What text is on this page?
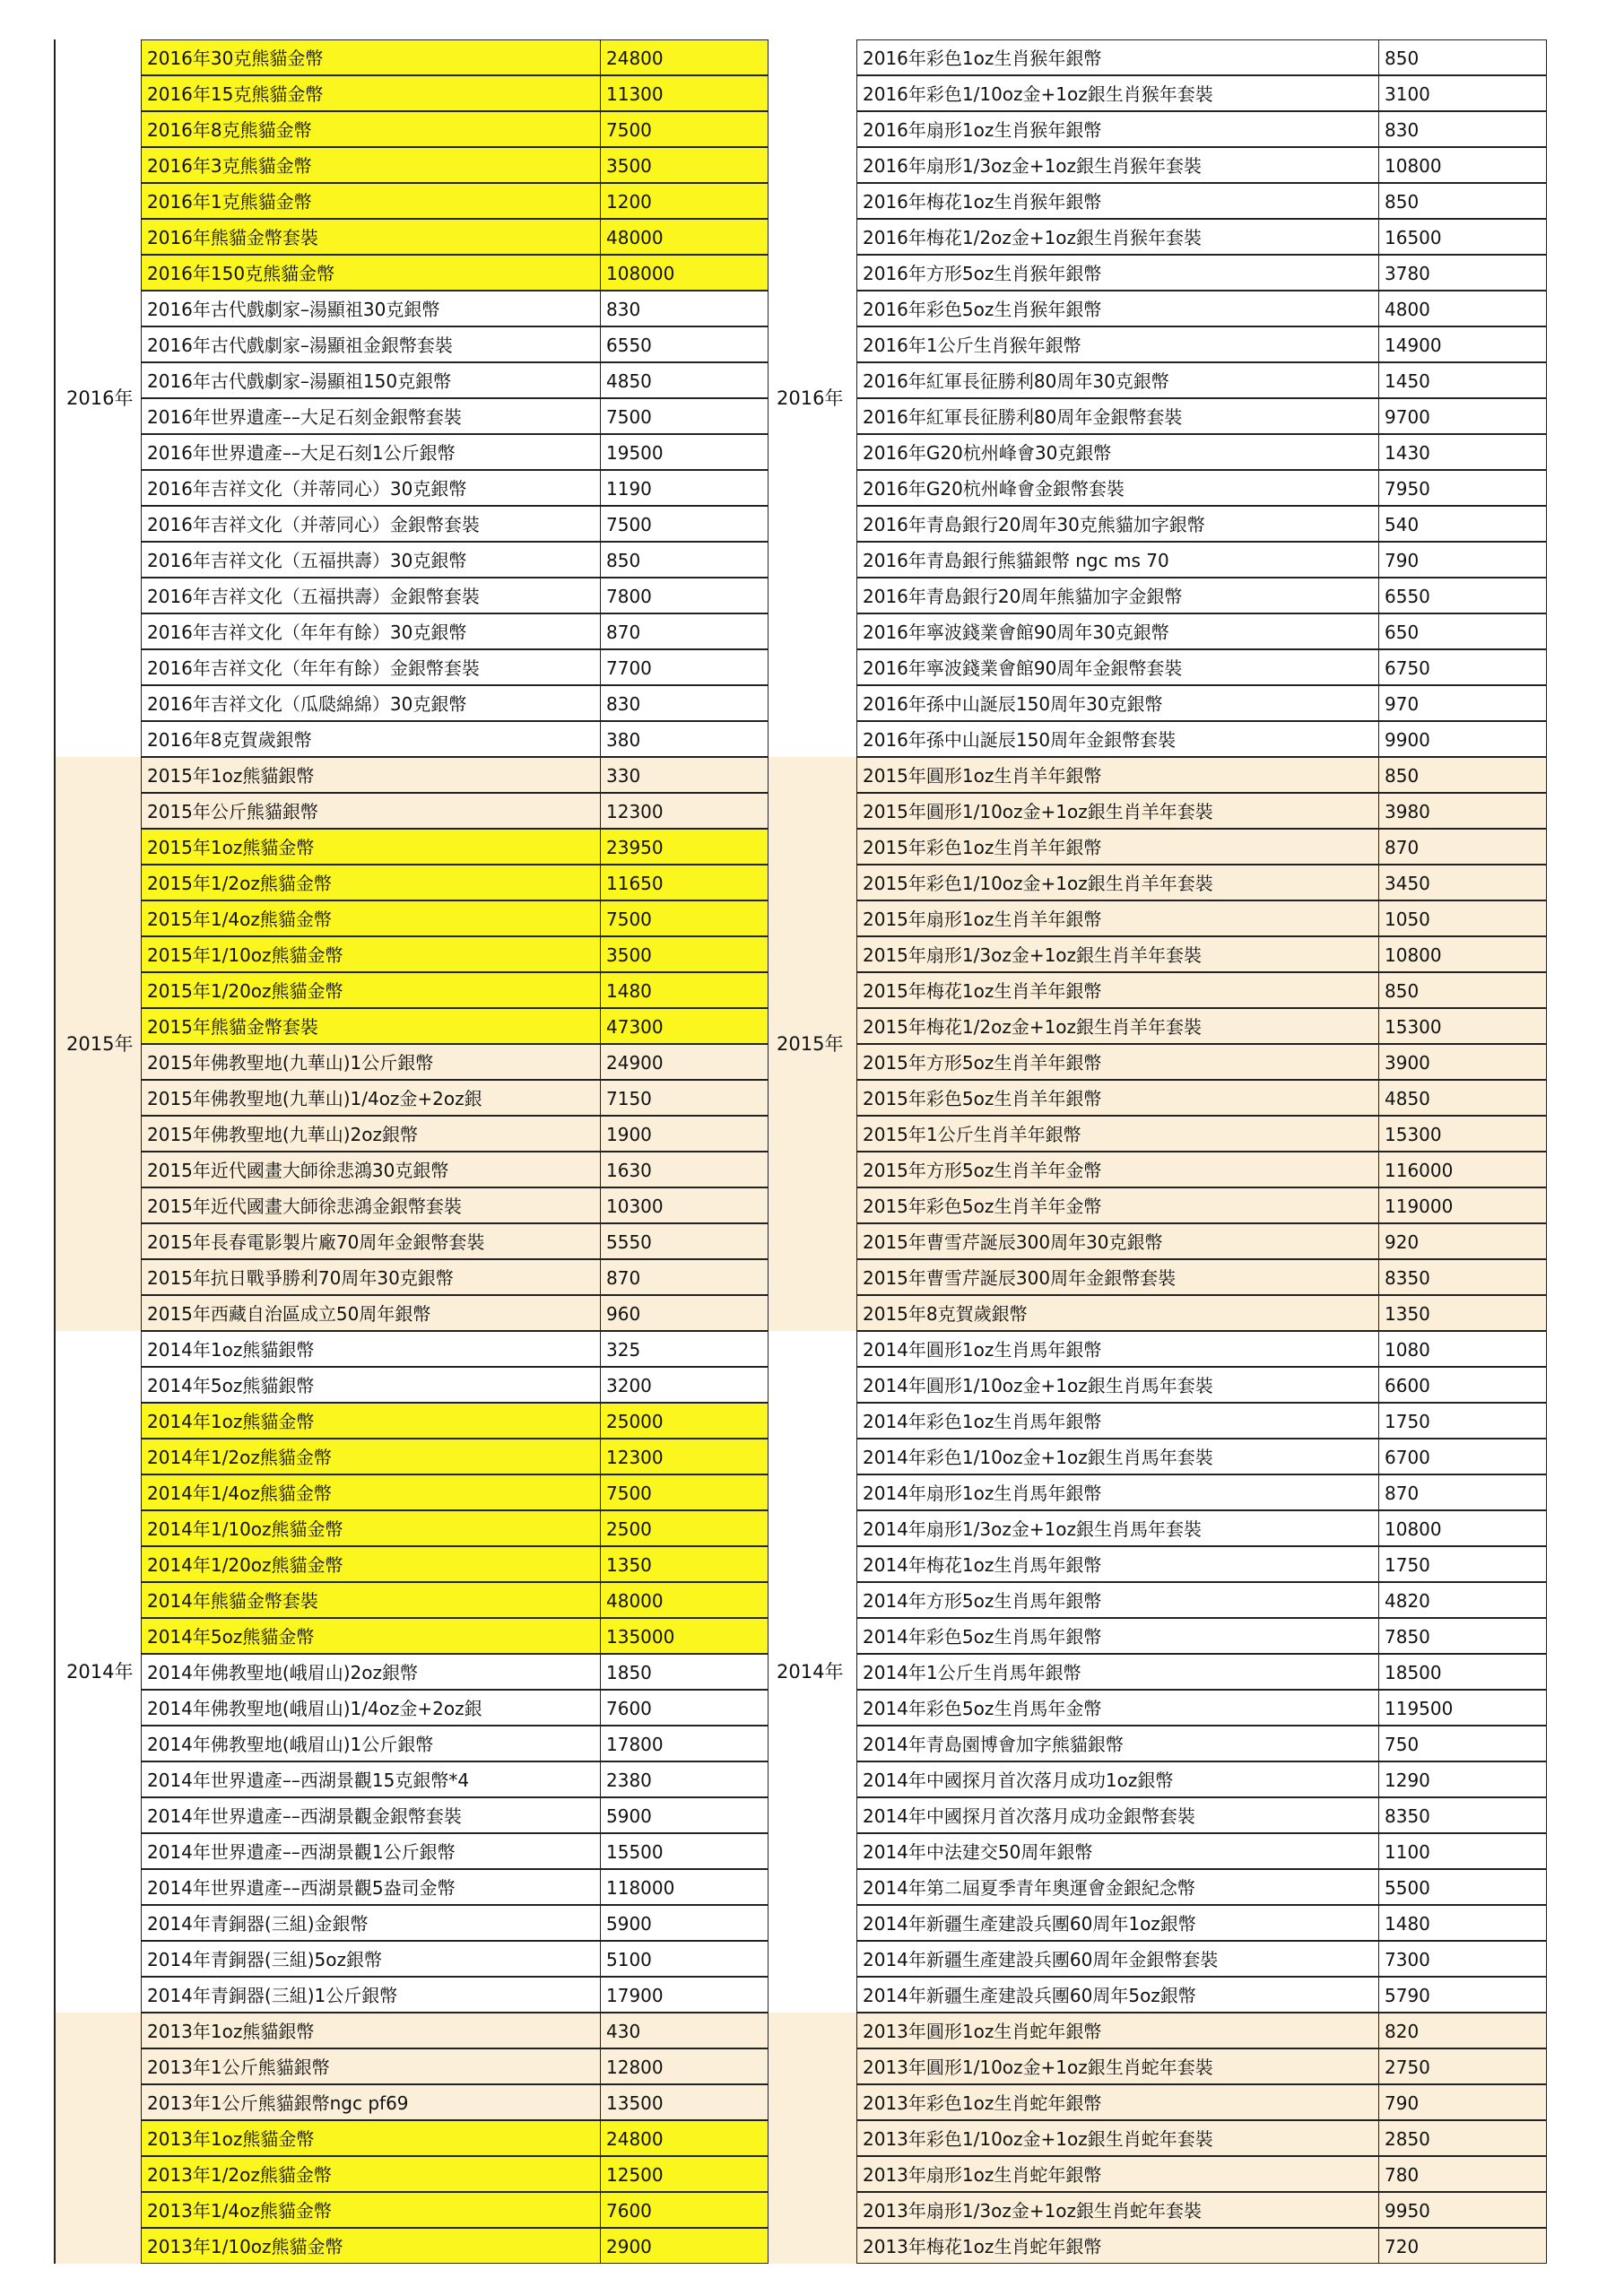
2016年	2016年
2016年30克熊貓金幣	24800
2016年15克熊貓金幣	11300
2016年8克熊貓金幣	7500
2016年3克熊貓金幣	3500
2016年1克熊貓金幣	1200
2016年熊貓金幣套裝	48000
2016年150克熊貓金幣	108000
2016年古代戲劇家–湯顯祖30克銀幣	830
2016年古代戲劇家–湯顯祖金銀幣套裝	6550
2016年古代戲劇家–湯顯祖150克銀幣	4850
2016年世界遺產––大足石刻金銀幣套裝	7500
2016年世界遺產––大足石刻1公斤銀幣	19500
2016年吉祥文化（并蒂同心）30克銀幣	1190
2016年吉祥文化（并蒂同心）金銀幣套裝	7500
2016年吉祥文化（五福拱壽）30克銀幣	850
2016年吉祥文化（五福拱壽）金銀幣套裝	7800
2016年吉祥文化（年年有餘）30克銀幣	870
2016年吉祥文化（年年有餘）金銀幣套裝	7700
2016年吉祥文化（瓜瓞綿綿）30克銀幣	830
2016年8克賀歲銀幣	380
2016年彩色1oz生肖猴年銀幣	850
2016年彩色1/10oz金+1oz銀生肖猴年套裝	3100
2016年扇形1oz生肖猴年銀幣	830
2016年扇形1/3oz金+1oz銀生肖猴年套裝	10800
2016年梅花1oz生肖猴年銀幣	850
2016年梅花1/2oz金+1oz銀生肖猴年套裝	16500
2016年方形5oz生肖猴年銀幣	3780
2016年彩色5oz生肖猴年銀幣	4800
2016年1公斤生肖猴年銀幣	14900
2016年紅軍長征勝利80周年30克銀幣	1450
2016年紅軍長征勝利80周年金銀幣套裝	9700
2016年G20杭州峰會30克銀幣	1430
2016年G20杭州峰會金銀幣套裝	7950
2016年青島銀行20周年30克熊貓加字銀幣	540
2016年青島銀行熊貓銀幣 ngc ms 70	790
2016年青島銀行20周年熊貓加字金銀幣	6550
2016年寧波錢業會館90周年30克銀幣	650
2016年寧波錢業會館90周年金銀幣套裝	6750
2016年孫中山誕辰150周年30克銀幣	970
2016年孫中山誕辰150周年金銀幣套裝	9900
2015年	2015年
2015年1oz熊貓銀幣	330
2015年公斤熊貓銀幣	12300
2015年1oz熊貓金幣	23950
2015年1/2oz熊貓金幣	11650
2015年1/4oz熊貓金幣	7500
2015年1/10oz熊貓金幣	3500
2015年1/20oz熊貓金幣	1480
2015年熊貓金幣套裝	47300
2015年佛教聖地(九華山)1公斤銀幣	24900
2015年佛教聖地(九華山)1/4oz金+2oz銀	7150
2015年佛教聖地(九華山)2oz銀幣	1900
2015年近代國畫大師徐悲鴻30克銀幣	1630
2015年近代國畫大師徐悲鴻金銀幣套裝	10300
2015年長春電影製片廠70周年金銀幣套裝	5550
2015年抗日戰爭勝利70周年30克銀幣	870
2015年西藏自治區成立50周年銀幣	960
2015年圓形1oz生肖羊年銀幣	850
2015年圓形1/10oz金+1oz銀生肖羊年套裝	3980
2015年彩色1oz生肖羊年銀幣	870
2015年彩色1/10oz金+1oz銀生肖羊年套裝	3450
2015年扇形1oz生肖羊年銀幣	1050
2015年扇形1/3oz金+1oz銀生肖羊年套裝	10800
2015年梅花1oz生肖羊年銀幣	850
2015年梅花1/2oz金+1oz銀生肖羊年套裝	15300
2015年方形5oz生肖羊年銀幣	3900
2015年彩色5oz生肖羊年銀幣	4850
2015年1公斤生肖羊年銀幣	15300
2015年方形5oz生肖羊年金幣	116000
2015年彩色5oz生肖羊年金幣	119000
2015年曹雪芹誕辰300周年30克銀幣	920
2015年曹雪芹誕辰300周年金銀幣套裝	8350
2015年8克賀歲銀幣	1350
2014年	2014年
2014年1oz熊貓銀幣	325
2014年5oz熊貓銀幣	3200
2014年1oz熊貓金幣	25000
2014年1/2oz熊貓金幣	12300
2014年1/4oz熊貓金幣	7500
2014年1/10oz熊貓金幣	2500
2014年1/20oz熊貓金幣	1350
2014年熊貓金幣套裝	48000
2014年5oz熊貓金幣	135000
2014年佛教聖地(峨眉山)2oz銀幣	1850
2014年佛教聖地(峨眉山)1/4oz金+2oz銀	7600
2014年佛教聖地(峨眉山)1公斤銀幣	17800
2014年世界遺產––西湖景觀15克銀幣*4	2380
2014年世界遺產––西湖景觀金銀幣套裝	5900
2014年世界遺產––西湖景觀1公斤銀幣	15500
2014年世界遺產––西湖景觀5盎司金幣	118000
2014年青銅器(三組)金銀幣	5900
2014年青銅器(三組)5oz銀幣	5100
2014年青銅器(三組)1公斤銀幣	17900
2014年圓形1oz生肖馬年銀幣	1080
2014年圓形1/10oz金+1oz銀生肖馬年套裝	6600
2014年彩色1oz生肖馬年銀幣	1750
2014年彩色1/10oz金+1oz銀生肖馬年套裝	6700
2014年扇形1oz生肖馬年銀幣	870
2014年扇形1/3oz金+1oz銀生肖馬年套裝	10800
2014年梅花1oz生肖馬年銀幣	1750
2014年方形5oz生肖馬年銀幣	4820
2014年彩色5oz生肖馬年銀幣	7850
2014年1公斤生肖馬年銀幣	18500
2014年彩色5oz生肖馬年金幣	119500
2014年青島園博會加字熊貓銀幣	750
2014年中國探月首次落月成功1oz銀幣	1290
2014年中國探月首次落月成功金銀幣套裝	8350
2014年中法建交50周年銀幣	1100
2014年第二屆夏季青年奧運會金銀紀念幣	5500
2014年新疆生產建設兵團60周年1oz銀幣	1480
2014年新疆生產建設兵團60周年金銀幣套裝	7300
2014年新疆生產建設兵團60周年5oz銀幣	5790
2013年1oz熊貓銀幣	430
2013年1公斤熊貓銀幣	12800
2013年1公斤熊貓銀幣ngc pf69	13500
2013年1oz熊貓金幣	24800
2013年1/2oz熊貓金幣	12500
2013年1/4oz熊貓金幣	7600
2013年1/10oz熊貓金幣	2900
2013年圓形1oz生肖蛇年銀幣	820
2013年圓形1/10oz金+1oz銀生肖蛇年套裝	2750
2013年彩色1oz生肖蛇年銀幣	790
2013年彩色1/10oz金+1oz銀生肖蛇年套裝	2850
2013年扇形1oz生肖蛇年銀幣	780
2013年扇形1/3oz金+1oz銀生肖蛇年套裝	9950
2013年梅花1oz生肖蛇年銀幣	720
